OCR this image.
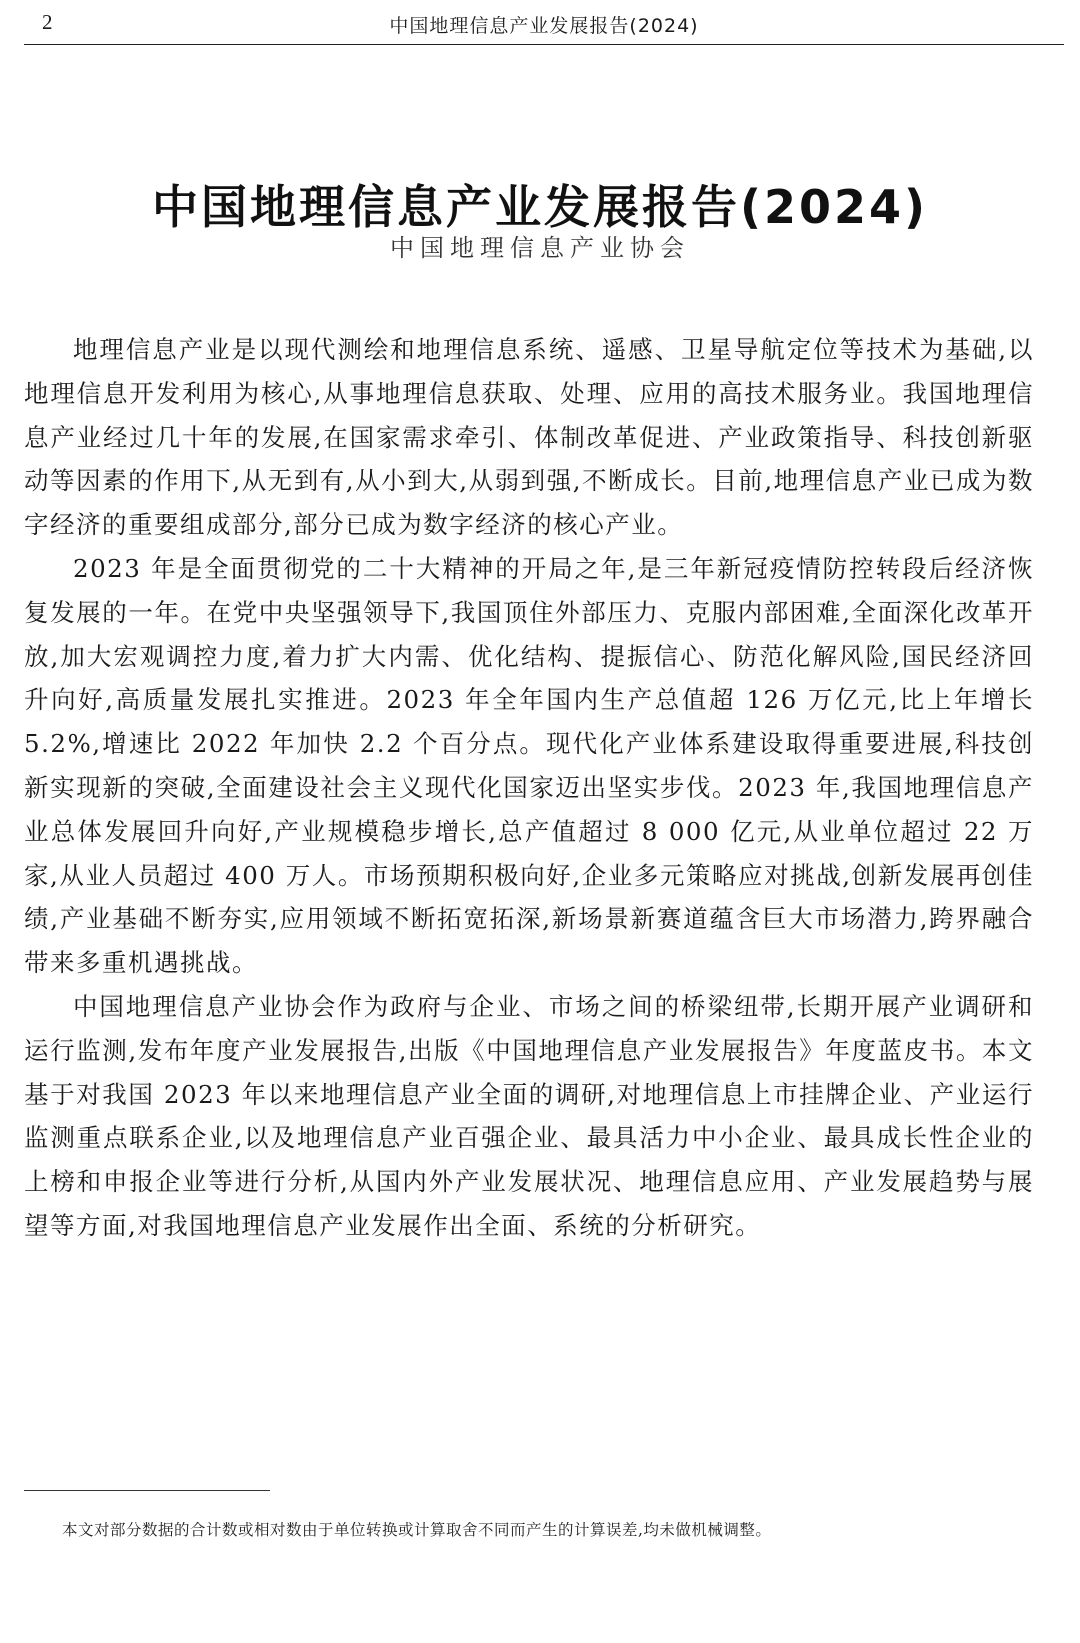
2	中国地理信息产业发展报告(2024)
中国地理信息产业发展报告(2024)
中国地理信息产业协会

地理信息产业是以现代测绘和地理信息系统、遥感、卫星导航定位等技术为基础,以地理信息开发利用为核心,从事地理信息获取、处理、应用的高技术服务业。我国地理信息产业经过几十年的发展,在国家需求牵引、体制改革促进、产业政策指导、科技创新驱动等因素的作用下,从无到有,从小到大,从弱到强,不断成长。目前,地理信息产业已成为数字经济的重要组成部分,部分已成为数字经济的核心产业。

2023 年是全面贯彻党的二十大精神的开局之年,是三年新冠疫情防控转段后经济恢复发展的一年。在党中央坚强领导下,我国顶住外部压力、克服内部困难,全面深化改革开放,加大宏观调控力度,着力扩大内需、优化结构、提振信心、防范化解风险,国民经济回升向好,高质量发展扎实推进。2023 年全年国内生产总值超 126 万亿元,比上年增长 5.2%,增速比 2022 年加快 2.2 个百分点。现代化产业体系建设取得重要进展,科技创新实现新的突破,全面建设社会主义现代化国家迈出坚实步伐。2023 年,我国地理信息产业总体发展回升向好,产业规模稳步增长,总产值超过 8 000 亿元,从业单位超过 22 万家,从业人员超过 400 万人。市场预期积极向好,企业多元策略应对挑战,创新发展再创佳绩,产业基础不断夯实,应用领域不断拓宽拓深,新场景新赛道蕴含巨大市场潜力,跨界融合带来多重机遇挑战。

中国地理信息产业协会作为政府与企业、市场之间的桥梁纽带,长期开展产业调研和运行监测,发布年度产业发展报告,出版《中国地理信息产业发展报告》年度蓝皮书。本文基于对我国 2023 年以来地理信息产业全面的调研,对地理信息上市挂牌企业、产业运行监测重点联系企业,以及地理信息产业百强企业、最具活力中小企业、最具成长性企业的上榜和申报企业等进行分析,从国内外产业发展状况、地理信息应用、产业发展趋势与展望等方面,对我国地理信息产业发展作出全面、系统的分析研究。

本文对部分数据的合计数或相对数由于单位转换或计算取舍不同而产生的计算误差,均未做机械调整。
